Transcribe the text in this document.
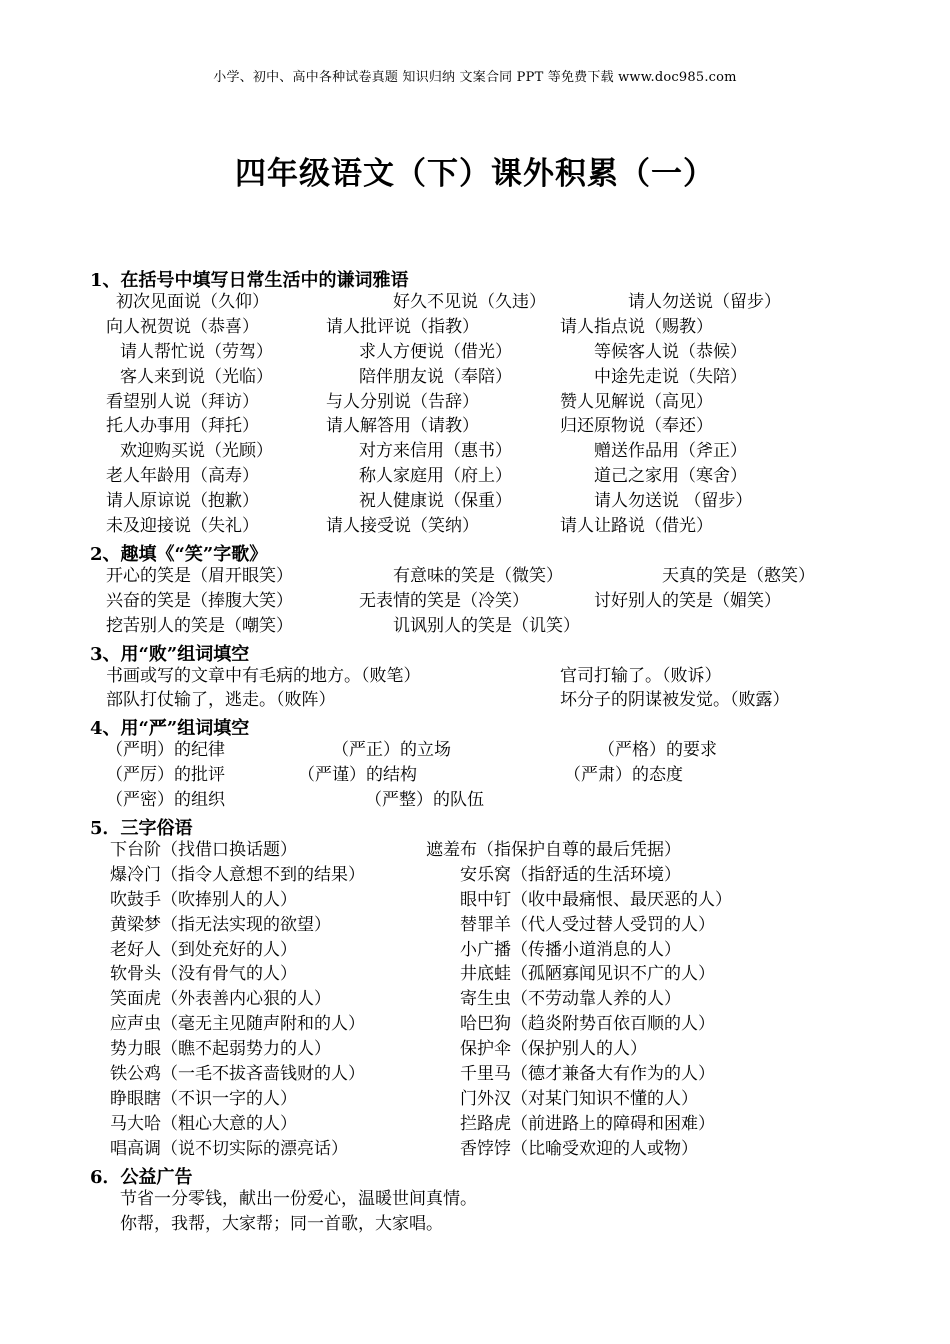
小学、初中、高中各种试卷真题 知识归纳 文案合同 PPT 等免费下载 www.doc985.com
四年级语文（下）课外积累（一）
1、在括号中填写日常生活中的谦词雅语
初次见面说（久仰）	好久不见说（久违）	请人勿送说（留步）
向人祝贺说（恭喜）	请人批评说（指教）	请人指点说（赐教）
请人帮忙说（劳驾）	求人方便说（借光）	等候客人说（恭候）
客人来到说（光临）	陪伴朋友说（奉陪）	中途先走说（失陪）
看望别人说（拜访）	与人分别说（告辞）	赞人见解说（高见）
托人办事用（拜托）	请人解答用（请教）	归还原物说（奉还）
欢迎购买说（光顾）	对方来信用（惠书）	赠送作品用（斧正）
老人年龄用（高寿）	称人家庭用（府上）	道己之家用（寒舍）
请人原谅说（抱歉）	祝人健康说（保重）	请人勿送说 （留步）
未及迎接说（失礼）	请人接受说（笑纳）	请人让路说（借光）
2、趣填《“笑”字歌》
开心的笑是（眉开眼笑）	有意味的笑是（微笑）	天真的笑是（憨笑）
兴奋的笑是（捧腹大笑）	无表情的笑是（冷笑）	讨好别人的笑是（媚笑）
挖苦别人的笑是（嘲笑）	讥讽别人的笑是（讥笑）
3、用“败”组词填空
书画或写的文章中有毛病的地方。（败笔）	官司打输了。（败诉）
部队打仗输了，逃走。（败阵）	坏分子的阴谋被发觉。（败露）
4、用“严”组词填空
（严明）的纪律	（严正）的立场	（严格）的要求
（严厉）的批评	（严谨）的结构	（严肃）的态度
（严密）的组织	（严整）的队伍
5．三字俗语
下台阶（找借口换话题）	遮羞布（指保护自尊的最后凭据）
爆冷门（指令人意想不到的结果）	安乐窝（指舒适的生活环境）
吹鼓手（吹捧别人的人）	眼中钉（收中最痛恨、最厌恶的人）
黄梁梦（指无法实现的欲望）	替罪羊（代人受过替人受罚的人）
老好人（到处充好的人）	小广播（传播小道消息的人）
软骨头（没有骨气的人）	井底蛙（孤陋寡闻见识不广的人）
笑面虎（外表善内心狠的人）	寄生虫（不劳动靠人养的人）
应声虫（毫无主见随声附和的人）	哈巴狗（趋炎附势百依百顺的人）
势力眼（瞧不起弱势力的人）	保护伞（保护别人的人）
铁公鸡（一毛不拔吝啬钱财的人）	千里马（德才兼备大有作为的人）
睁眼瞎（不识一字的人）	门外汉（对某门知识不懂的人）
马大哈（粗心大意的人）	拦路虎（前进路上的障碍和困难）
唱高调（说不切实际的漂亮话）	香饽饽（比喻受欢迎的人或物）
6．公益广告
节省一分零钱，献出一份爱心，温暖世间真情。
你帮，我帮，大家帮；同一首歌，大家唱。
